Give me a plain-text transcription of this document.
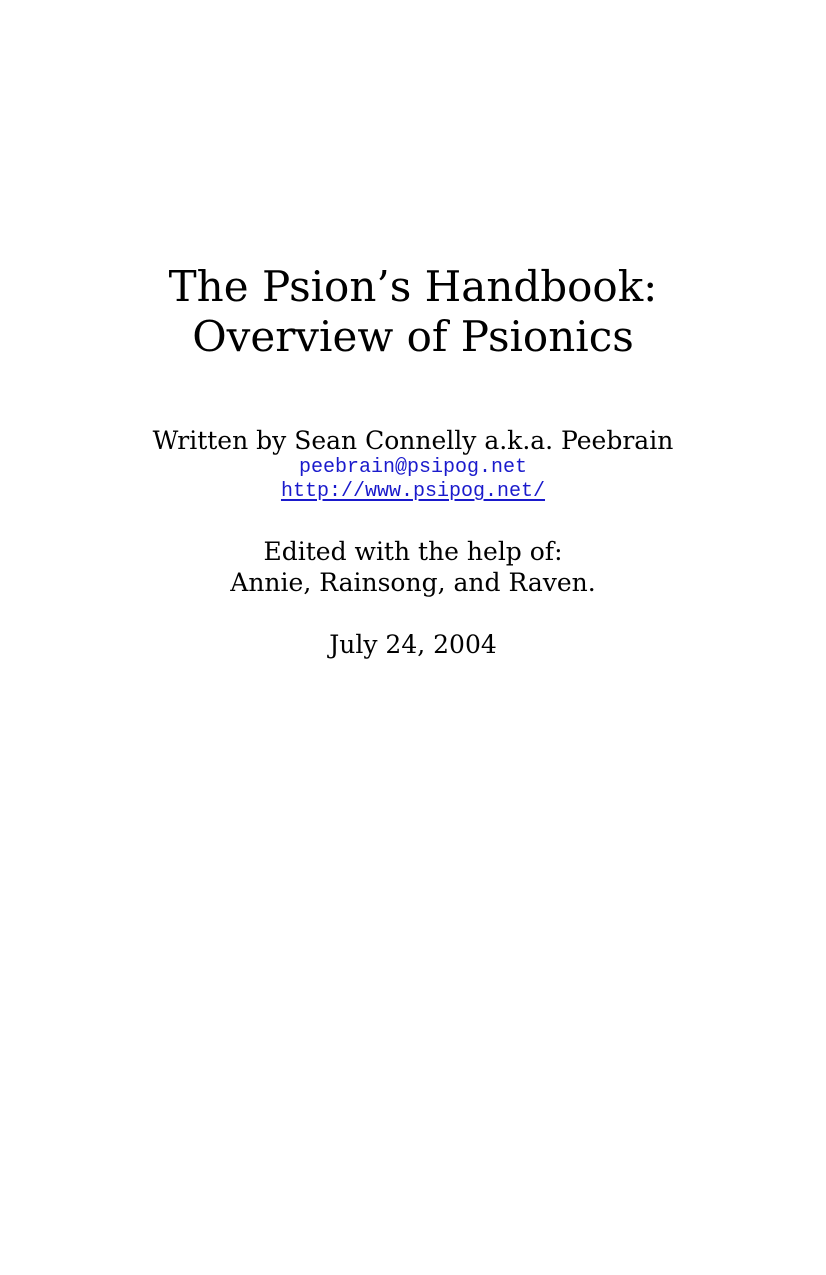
The Psion’s Handbook:
Overview of Psionics
Written by Sean Connelly a.k.a. Peebrain
peebrain@psipog.net
http://www.psipog.net/
Edited with the help of:
Annie, Rainsong, and Raven.
July 24, 2004
